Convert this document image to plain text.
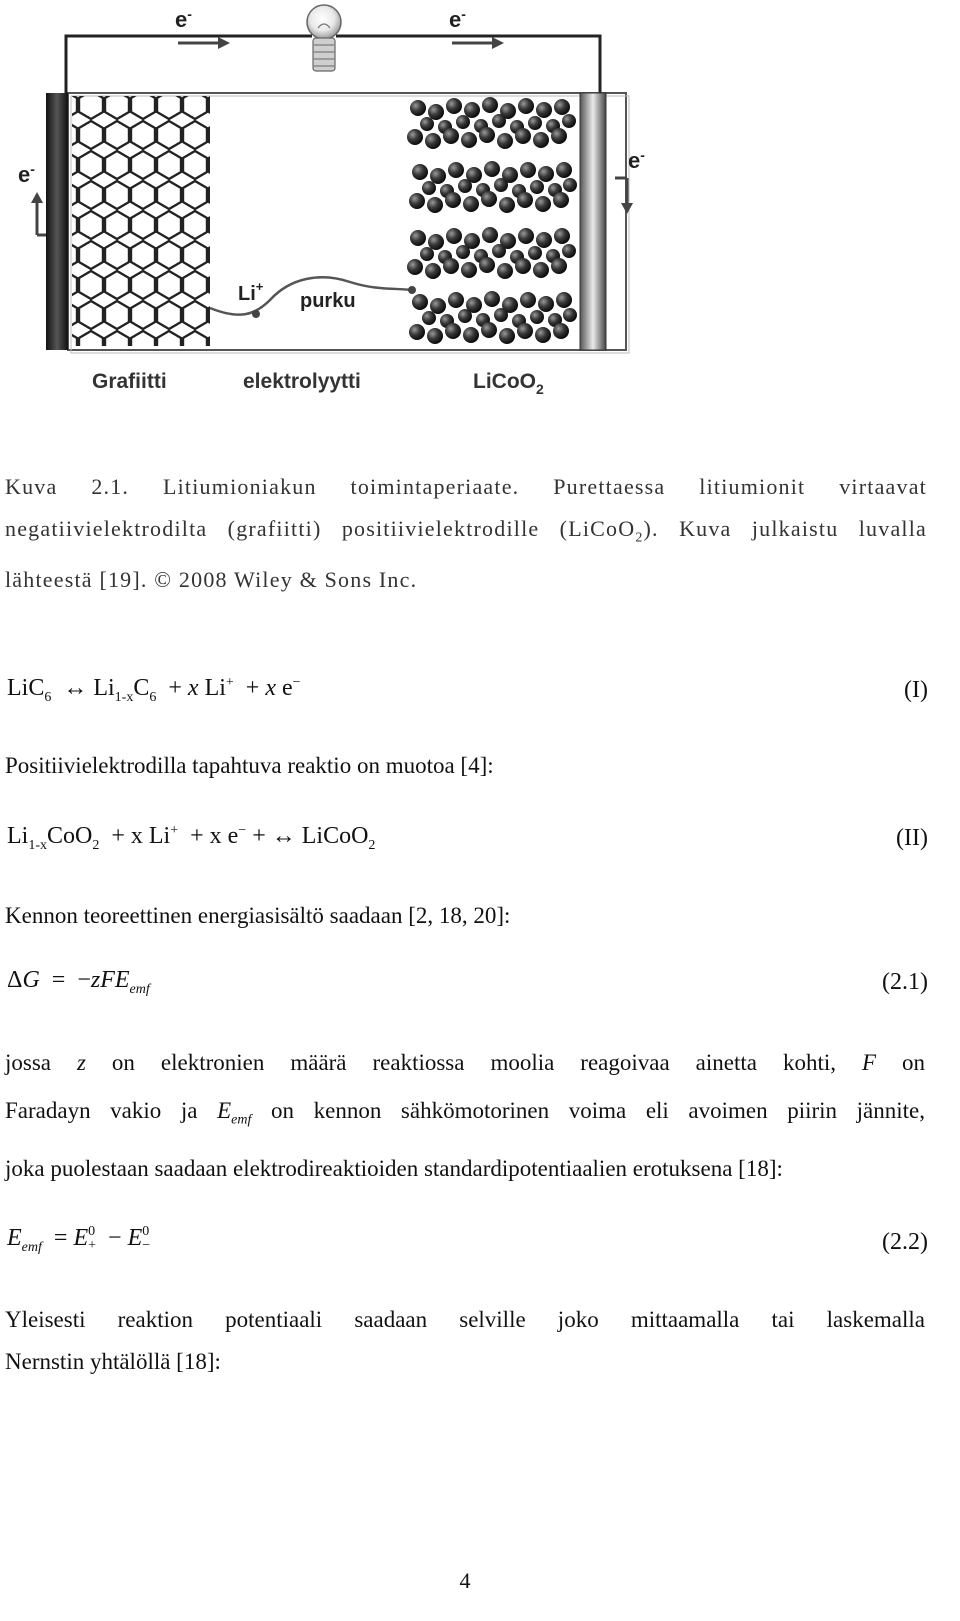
e-	e-
e-	e-
Li+
purku
Grafiitti	elektrolyytti	LiCoO$_2$

Kuva 2.1. Litiumioniakun toimintaperiaate. Purettaessa litiumionit virtaavat negatiivielektrodilta (grafiitti) positiivielektrodille (LiCoO$_2$). Kuva julkaistu luvalla lähteestä [19]. © 2008 Wiley & Sons Inc.

LiC$_6$  ↔ $Li_{1-x}C_6 + x$ Li+  + x e−	(I)

Positiivielektrodilla tapahtuva reaktio on muotoa [4]:

$Li_{1-x}CoO_2 + x$ Li+  + x e− + ↔ LiCoO$_2$	(II)

Kennon teoreettinen energiasisältö saadaan [2, 18, 20]:

ΔG  =  −zFE$_{emf}$	(2.1)
jossa z on elektronien määrä reaktiossa moolia reagoivaa ainetta kohti, F on
Faradayn vakio ja $E_{emf}$ on kennon sähkömotorinen voima eli avoimen piirin jännite,
joka puolestaan saadaan elektrodireaktioiden standardipotentiaalien erotuksena [18]:
$E_{emf} = E$ 0
+ − E 0
−	(2.2)
Yleisesti reaktion potentiaali saadaan selville joko mittaamalla tai laskemalla
Nernstin yhtälöllä [18]:
4
